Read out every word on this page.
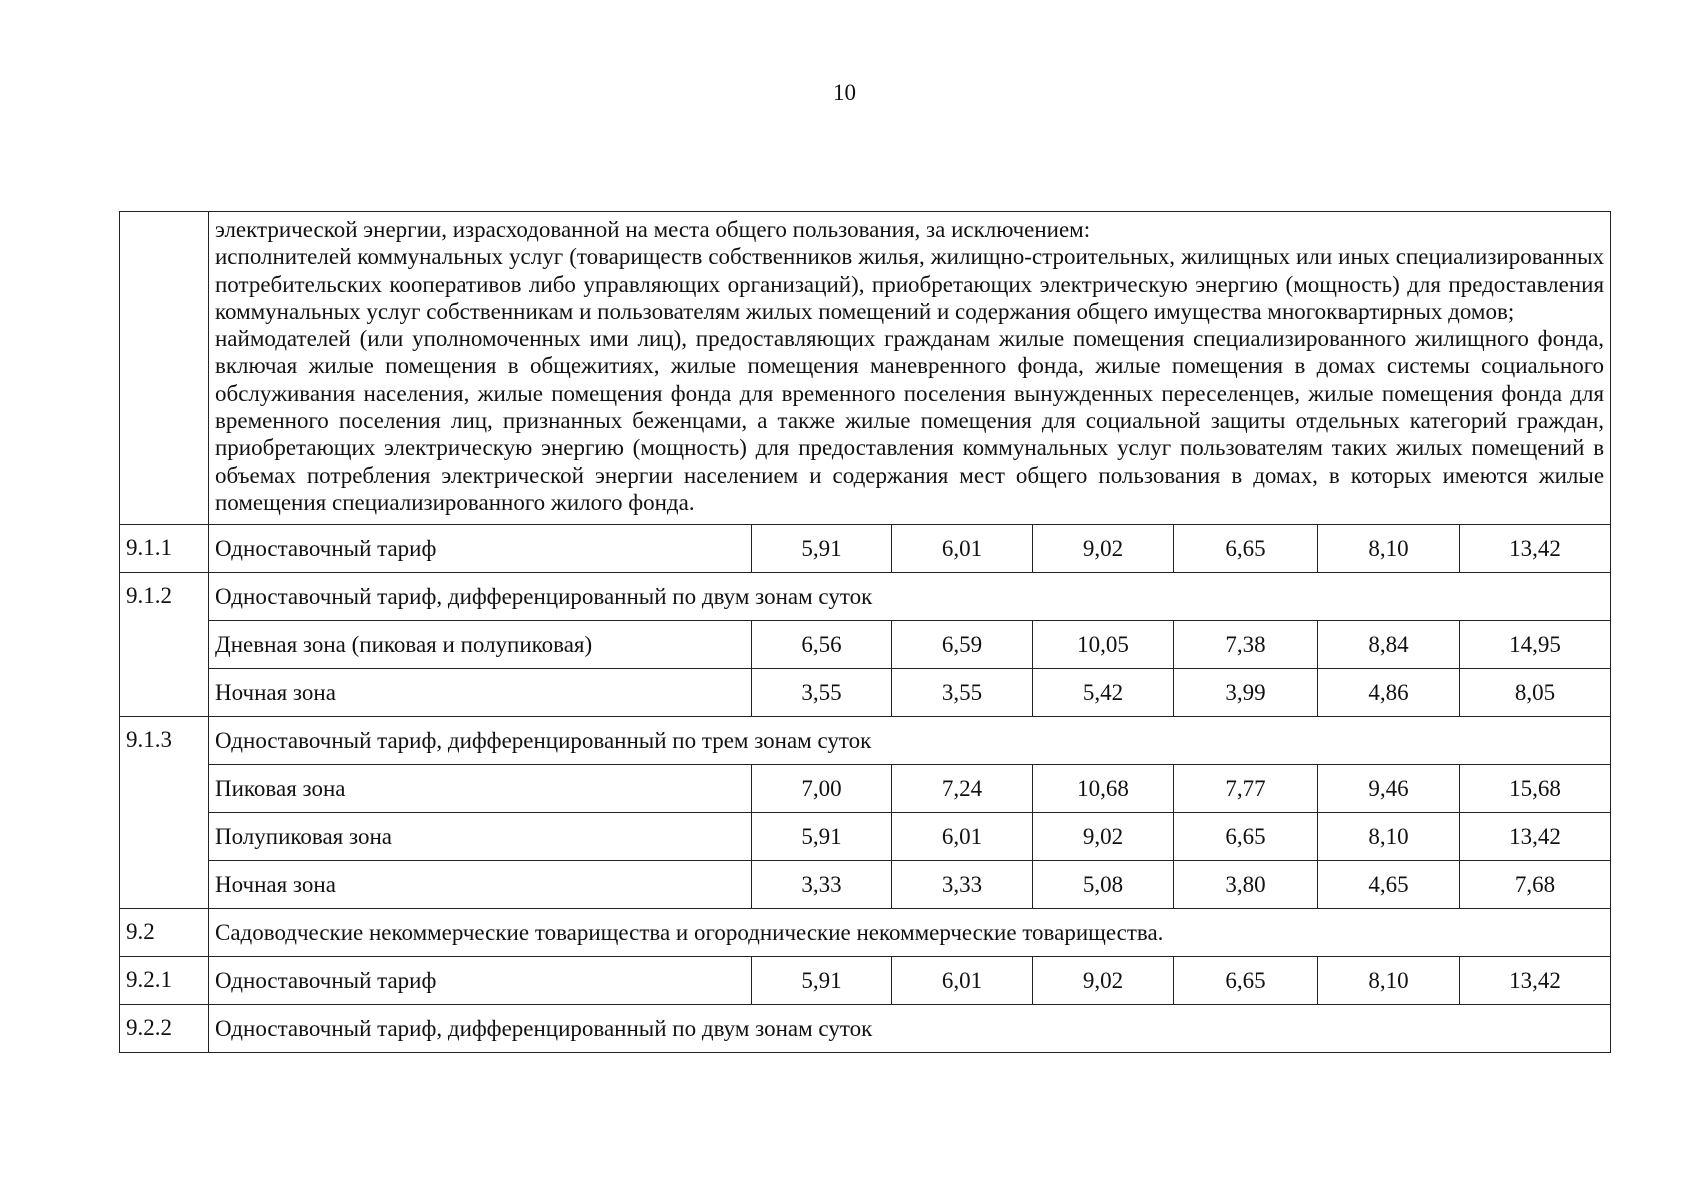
10

	электрической энергии, израсходованной на места общего пользования, за исключением:

исполнителей коммунальных услуг (товариществ собственников жилья, жилищно-строительных, жилищных или иных специализированных потребительских кооперативов либо управляющих организаций), приобретающих электрическую энергию (мощность) для предоставления коммунальных услуг собственникам и пользователям жилых помещений и содержания общего имущества многоквартирных домов;

наймодателей (или уполномоченных ими лиц), предоставляющих гражданам жилые помещения специализированного жилищного фонда, включая жилые помещения в общежитиях, жилые помещения маневренного фонда, жилые помещения в домах системы социального обслуживания населения, жилые помещения фонда для временного поселения вынужденных переселенцев, жилые помещения фонда для временного поселения лиц, признанных беженцами, а также жилые помещения для социальной защиты отдельных категорий граждан, приобретающих электрическую энергию (мощность) для предоставления коммунальных услуг пользователям таких жилых помещений в объемах потребления электрической энергии населением и содержания мест общего пользования в домах, в которых имеются жилые помещения специализированного жилого фонда.						

9.1.1	Одноставочный тариф	5,91	6,01	9,02	6,65	8,10	13,42
9.1.2	Одноставочный тариф, дифференцированный по двум зонам суток						
	Дневная зона (пиковая и полупиковая)	6,56	6,59	10,05	7,38	8,84	14,95
	Ночная зона	3,55	3,55	5,42	3,99	4,86	8,05
9.1.3	Одноставочный тариф, дифференцированный по трем зонам суток						
	Пиковая зона	7,00	7,24	10,68	7,77	9,46	15,68
	Полупиковая зона	5,91	6,01	9,02	6,65	8,10	13,42
	Ночная зона	3,33	3,33	5,08	3,80	4,65	7,68
9.2	Садоводческие некоммерческие товарищества и огороднические некоммерческие товарищества.						
9.2.1	Одноставочный тариф	5,91	6,01	9,02	6,65	8,10	13,42
9.2.2	Одноставочный тариф, дифференцированный по двум зонам суток						
